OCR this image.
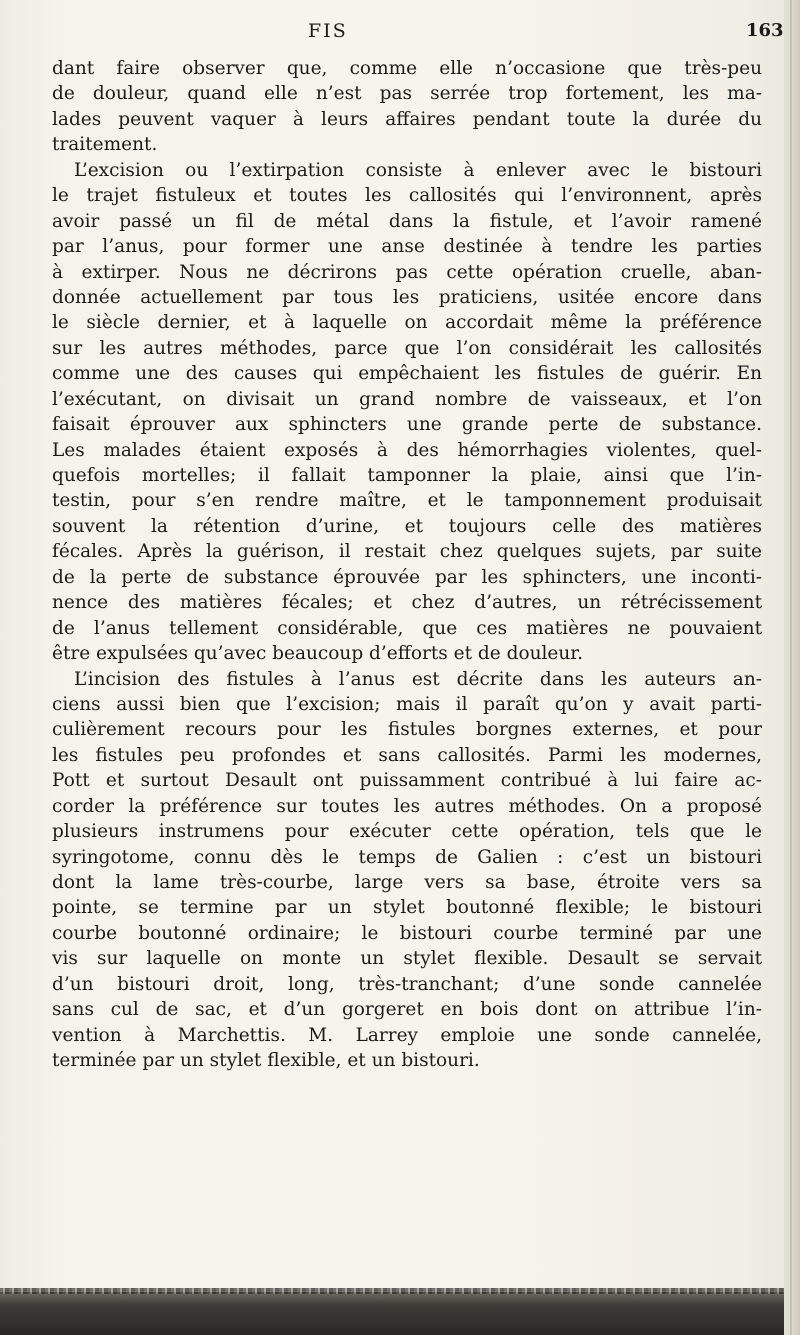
FIS	163
dant faire observer que, comme elle n’occasione que très-peu
de douleur, quand elle n’est pas serrée trop fortement, les ma-
lades peuvent vaquer à leurs affaires pendant toute la durée du
traitement.
L’excision ou l’extirpation consiste à enlever avec le bistouri
le trajet fistuleux et toutes les callosités qui l’environnent, après
avoir passé un fil de métal dans la fistule, et l’avoir ramené
par l’anus, pour former une anse destinée à tendre les parties
à extirper. Nous ne décrirons pas cette opération cruelle, aban-
donnée actuellement par tous les praticiens, usitée encore dans
le siècle dernier, et à laquelle on accordait même la préférence
sur les autres méthodes, parce que l’on considérait les callosités
comme une des causes qui empêchaient les fistules de guérir. En
l’exécutant, on divisait un grand nombre de vaisseaux, et l’on
faisait éprouver aux sphincters une grande perte de substance.
Les malades étaient exposés à des hémorrhagies violentes, quel-
quefois mortelles; il fallait tamponner la plaie, ainsi que l’in-
testin, pour s’en rendre maître, et le tamponnement produisait
souvent la rétention d’urine, et toujours celle des matières
fécales. Après la guérison, il restait chez quelques sujets, par suite
de la perte de substance éprouvée par les sphincters, une inconti-
nence des matières fécales; et chez d’autres, un rétrécissement
de l’anus tellement considérable, que ces matières ne pouvaient
être expulsées qu’avec beaucoup d’efforts et de douleur.
L’incision des fistules à l’anus est décrite dans les auteurs an-
ciens aussi bien que l’excision; mais il paraît qu’on y avait parti-
culièrement recours pour les fistules borgnes externes, et pour
les fistules peu profondes et sans callosités. Parmi les modernes,
Pott et surtout Desault ont puissamment contribué à lui faire ac-
corder la préférence sur toutes les autres méthodes. On a proposé
plusieurs instrumens pour exécuter cette opération, tels que le
syringotome, connu dès le temps de Galien : c’est un bistouri
dont la lame très-courbe, large vers sa base, étroite vers sa
pointe, se termine par un stylet boutonné flexible; le bistouri
courbe boutonné ordinaire; le bistouri courbe terminé par une
vis sur laquelle on monte un stylet flexible. Desault se servait
d’un bistouri droit, long, très-tranchant; d’une sonde cannelée
sans cul de sac, et d’un gorgeret en bois dont on attribue l’in-
vention à Marchettis. M. Larrey emploie une sonde cannelée,
terminée par un stylet flexible, et un bistouri.
